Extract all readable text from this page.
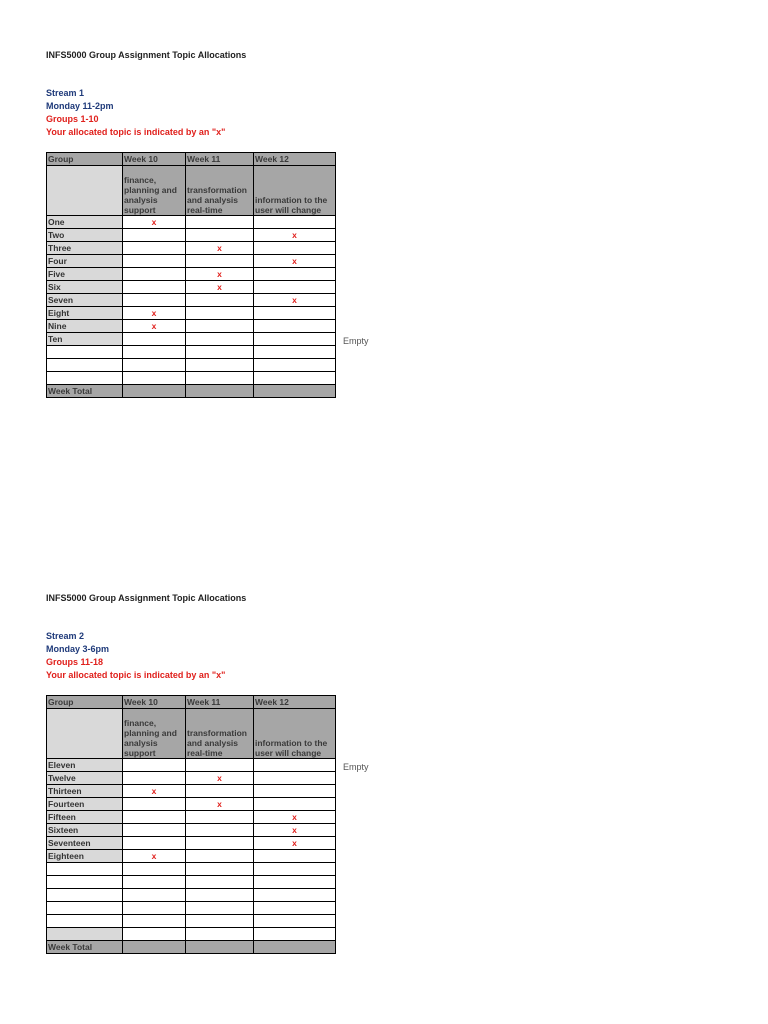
INFS5000 Group Assignment Topic Allocations
Stream 1
Monday 11-2pm
Groups 1-10
Your allocated topic is indicated by an "x"
Group	Week 10	Week 11	Week 12
	finance, planning and analysis support	transformation and analysis real-time	information to the user will change
One	x		
Two			x
Three		x	
Four			x
Five		x	
Six		x	
Seven			x
Eight	x		
Nine	x		
Ten			

Week Total			
Empty
INFS5000 Group Assignment Topic Allocations
Stream 2
Monday 3-6pm
Groups 11-18
Your allocated topic is indicated by an "x"
Group	Week 10	Week 11	Week 12
	finance, planning and analysis support	transformation and analysis real-time	information to the user will change
Eleven			
Twelve		x	
Thirteen	x		
Fourteen		x	
Fifteen			x
Sixteen			x
Seventeen			x
Eighteen	x		

Week Total			
Empty
